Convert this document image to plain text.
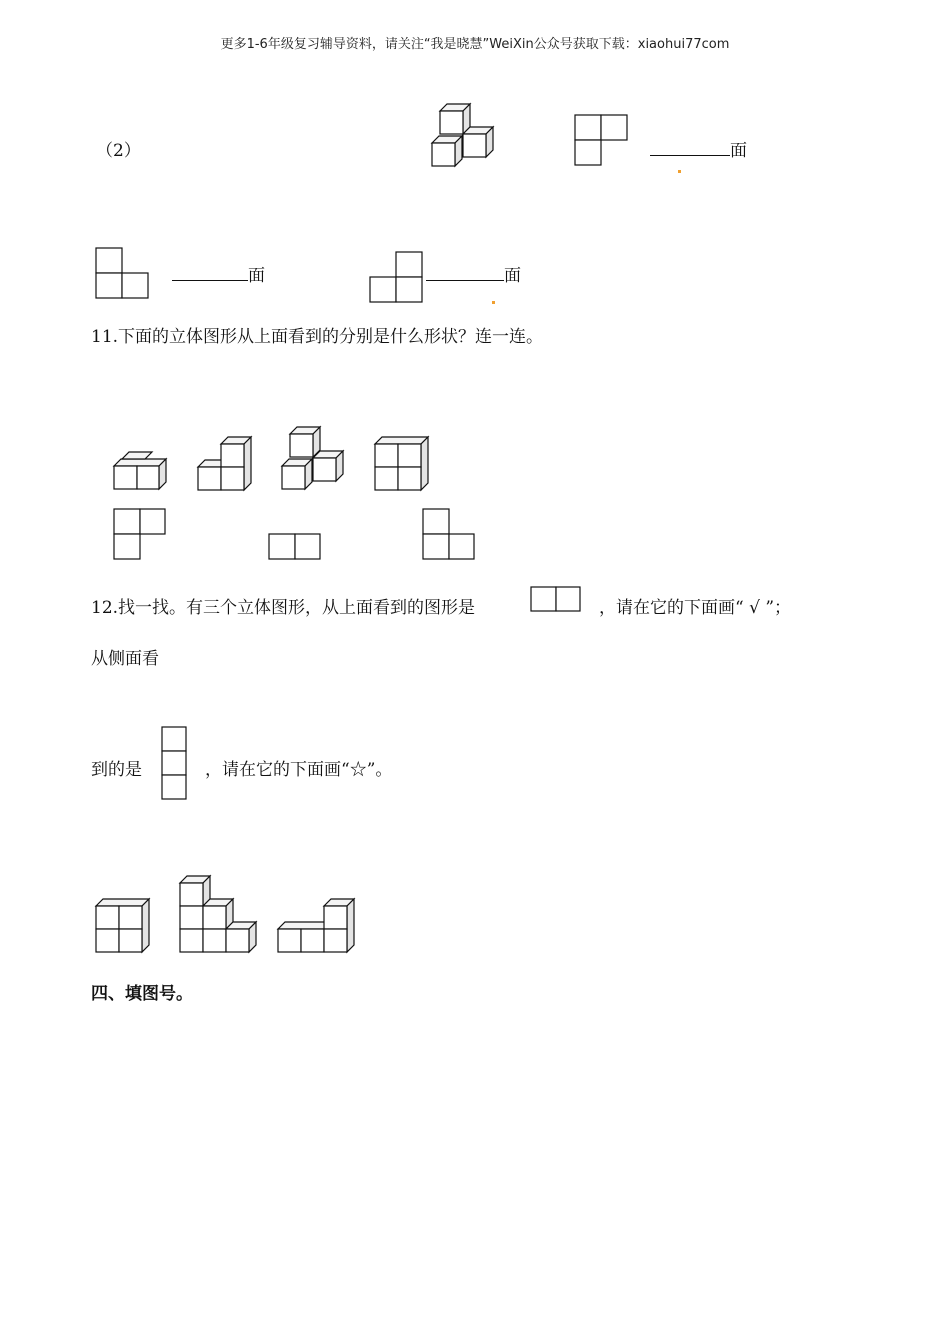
更多1-6年级复习辅导资料，请关注“我是晓慧”WeiXin公众号获取下载：xiaohui77com
（2）	面
面	面
11.下面的立体图形从上面看到的分别是什么形状？连一连。
12.找一找。有三个立体图形，从上面看到的图形是	，请在它的下面画“ √ ”；
从侧面看
到的是	，请在它的下面画“☆”。
四、填图号。
